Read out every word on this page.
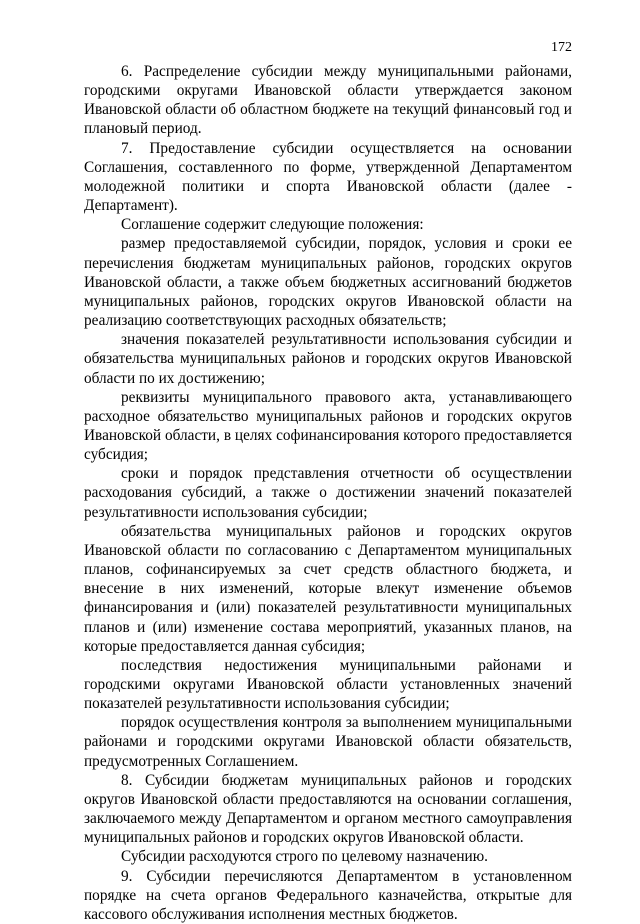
172

6. Распределение субсидии между муниципальными районами, городскими округами Ивановской области утверждается законом Ивановской области об областном бюджете на текущий финансовый год и плановый период.

7. Предоставление субсидии осуществляется на основании Соглашения, составленного по форме, утвержденной Департаментом молодежной политики и спорта Ивановской области (далее - Департамент).

Соглашение содержит следующие положения:

размер предоставляемой субсидии, порядок, условия и сроки ее перечисления бюджетам муниципальных районов, городских округов Ивановской области, а также объем бюджетных ассигнований бюджетов муниципальных районов, городских округов Ивановской области на реализацию соответствующих расходных обязательств;

значения показателей результативности использования субсидии и обязательства муниципальных районов и городских округов Ивановской области по их достижению;

реквизиты муниципального правового акта, устанавливающего расходное обязательство муниципальных районов и городских округов Ивановской области, в целях софинансирования которого предоставляется субсидия;

сроки и порядок представления отчетности об осуществлении расходования субсидий, а также о достижении значений показателей результативности использования субсидии;

обязательства муниципальных районов и городских округов Ивановской области по согласованию с Департаментом муниципальных планов, софинансируемых за счет средств областного бюджета, и внесение в них изменений, которые влекут изменение объемов финансирования и (или) показателей результативности муниципальных планов и (или) изменение состава мероприятий, указанных планов, на которые предоставляется данная субсидия;

последствия недостижения муниципальными районами и городскими округами Ивановской области установленных значений показателей результативности использования субсидии;

порядок осуществления контроля за выполнением муниципальными районами и городскими округами Ивановской области обязательств, предусмотренных Соглашением.

8. Субсидии бюджетам муниципальных районов и городских округов Ивановской области предоставляются на основании соглашения, заключаемого между Департаментом и органом местного самоуправления муниципальных районов и городских округов Ивановской области.

Субсидии расходуются строго по целевому назначению.

9. Субсидии перечисляются Департаментом в установленном порядке на счета органов Федерального казначейства, открытые для кассового обслуживания исполнения местных бюджетов.
